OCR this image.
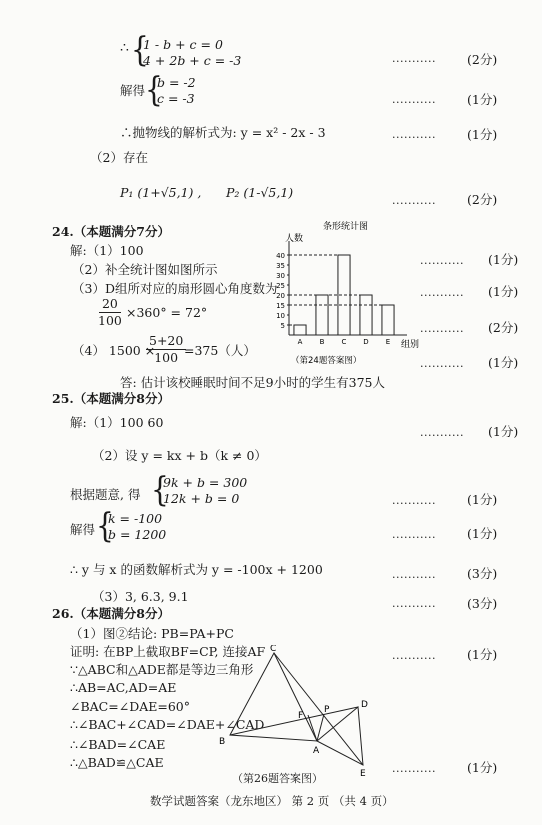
∴ {
1 - b + c = 0
4 + 2b + c = -3	........... (2分)
解得 {
b = -2
c = -3	........... (1分)
∴抛物线的解析式为: y = x² - 2x - 3	........... (1分)
（2）存在
P₁ (1+√5,1) , P₂ (1-√5,1)
........... (2分)
24.（本题满分7分）
解:（1）100
（2）补全统计图如图所示
（3）D组所对应的扇形圆心角度数为
$\frac{20}{100} \times 360^\circ = 72^\circ$
（4） 1500 ×
$\frac{5+20}{100}$
=375（人）
答: 估计该校睡眠时间不足9小时的学生有375人
条形统计图
人数
组别
（第24题答案图）
5
10
15
20
25
30
35
40
A B C D E
........... (1分)
........... (1分)
........... (2分)
........... (1分)
25.（本题满分8分）
解:（1）100 60
........... (1分)
（2）设 y = kx + b（k ≠ 0）
根据题意, 得 {
9k + b = 300
12k + b = 0	........... (1分)
解得 {
k = -100
b = 1200	........... (1分)
∴ y 与 x 的函数解析式为 y = -100x + 1200	........... (3分)
（3）3, 6.3, 9.1	........... (3分)
26.（本题满分8分）
（1）图②结论: PB=PA+PC
证明: 在BP上截取BF=CP, 连接AF
∵△ABC和△ADE都是等边三角形
∴AB=AC,AD=AE
∠BAC=∠DAE=60°
∴∠BAC+∠CAD=∠DAE+∠CAD
∴∠BAD=∠CAE
∴△BAD≌△CAE
........... (1分)
........... (1分)
C
B
F
P	D
A
E
（第26题答案图）
数学试题答案（龙东地区） 第 2 页 （共 4 页）
